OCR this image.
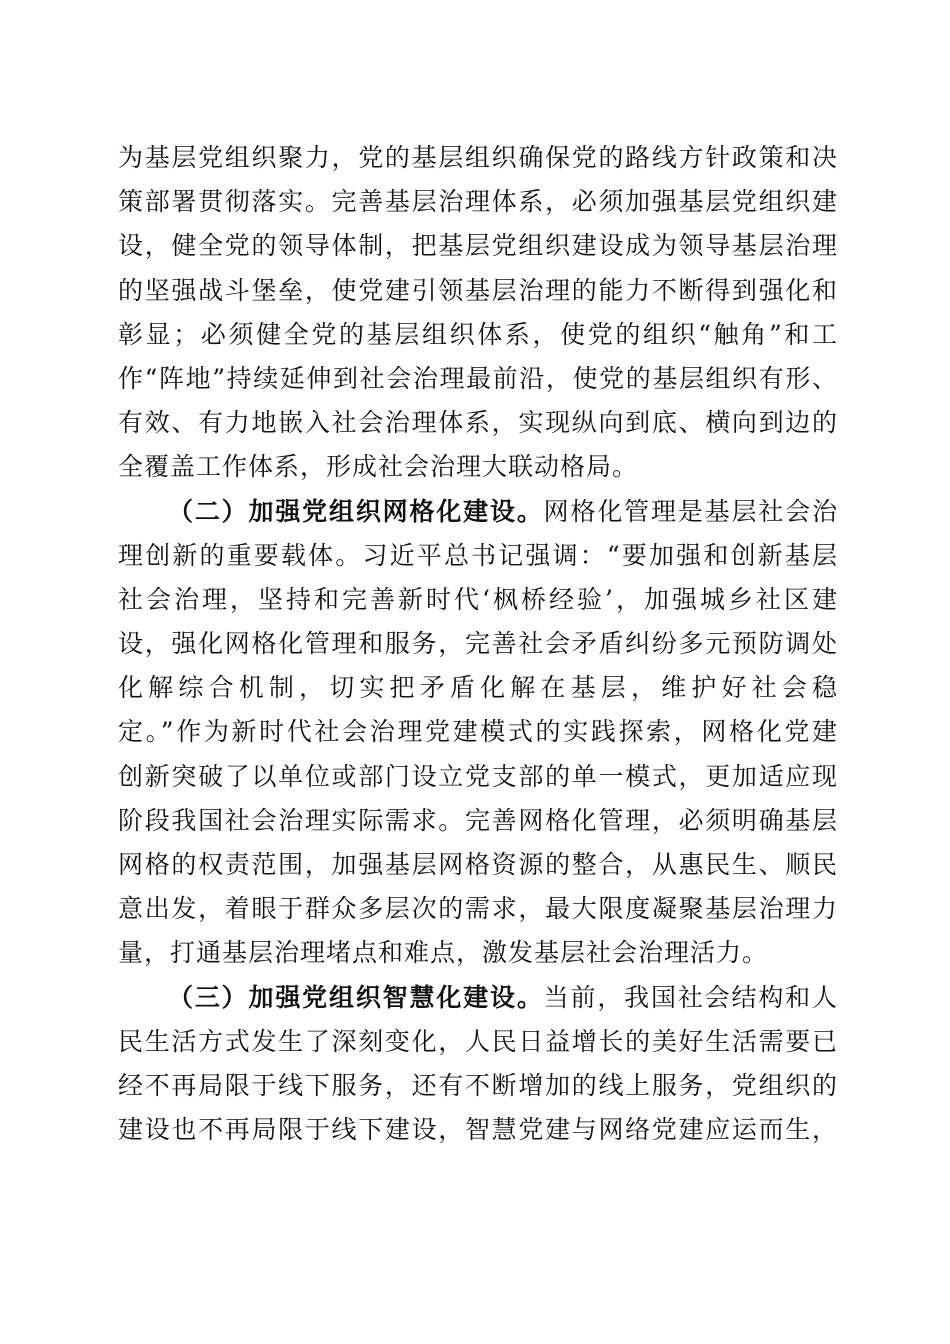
为基层党组织聚力，党的基层组织确保党的路线方针政策和决
策部署贯彻落实。完善基层治理体系，必须加强基层党组织建
设，健全党的领导体制，把基层党组织建设成为领导基层治理
的坚强战斗堡垒，使党建引领基层治理的能力不断得到强化和
彰显；必须健全党的基层组织体系，使党的组织“触角”和工
作“阵地”持续延伸到社会治理最前沿，使党的基层组织有形、
有效、有力地嵌入社会治理体系，实现纵向到底、横向到边的
全覆盖工作体系，形成社会治理大联动格局。
（二）加强党组织网格化建设。网格化管理是基层社会治
理创新的重要载体。习近平总书记强调：“要加强和创新基层
社会治理，坚持和完善新时代‘枫桥经验’，加强城乡社区建
设，强化网格化管理和服务，完善社会矛盾纠纷多元预防调处
化解综合机制，切实把矛盾化解在基层，维护好社会稳
定。”作为新时代社会治理党建模式的实践探索，网格化党建
创新突破了以单位或部门设立党支部的单一模式，更加适应现
阶段我国社会治理实际需求。完善网格化管理，必须明确基层
网格的权责范围，加强基层网格资源的整合，从惠民生、顺民
意出发，着眼于群众多层次的需求，最大限度凝聚基层治理力
量，打通基层治理堵点和难点，激发基层社会治理活力。
（三）加强党组织智慧化建设。当前，我国社会结构和人
民生活方式发生了深刻变化，人民日益增长的美好生活需要已
经不再局限于线下服务，还有不断增加的线上服务，党组织的
建设也不再局限于线下建设，智慧党建与网络党建应运而生，
